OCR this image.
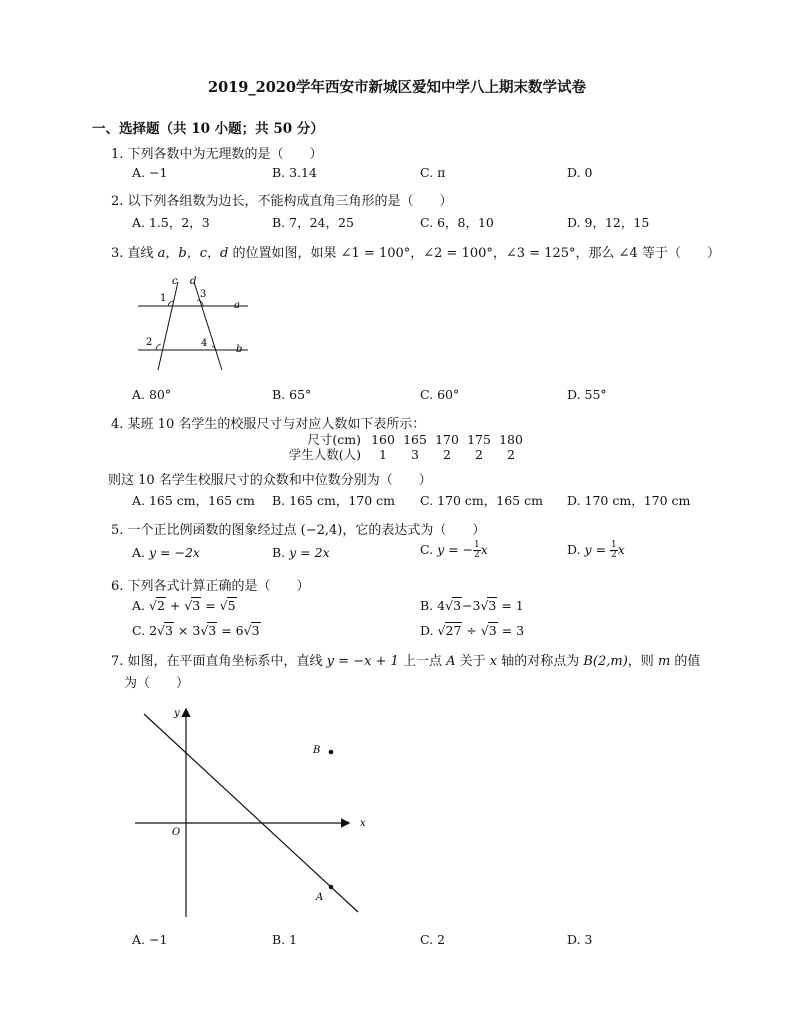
2019_2020学年西安市新城区爱知中学八上期末数学试卷
一、选择题（共 10 小题；共 50 分）
1. 下列各数中为无理数的是（　　）
A. −1	B. 3.14	C. π	D. 0
2. 以下列各组数为边长，不能构成直角三角形的是（　　）
A. 1.5，2，3	B. 7，24，25	C. 6，8，10	D. 9，12，15
3. 直线 a，b，c，d 的位置如图，如果 ∠1 = 100°，∠2 = 100°，∠3 = 125°，那么 ∠4 等于（　　）
c d
a
b
1	3
2	4
A. 80°	B. 65°	C. 60°	D. 55°
4. 某班 10 名学生的校服尺寸与对应人数如下表所示：
尺寸(cm) 160 165 170 175 180
学生人数(人)	1	3	2	2	2
则这 10 名学生校服尺寸的众数和中位数分别为（　　）
A. 165 cm，165 cm B. 165 cm，170 cm C. 170 cm，165 cm D. 170 cm，170 cm
5. 一个正比例函数的图象经过点 (−2,4)，它的表达式为（　　）
A. y = −2x	B. y = 2x	C. y = − $\frac{1}{2}$ x	D. $y = \frac{1}{2}$ x
6. 下列各式计算正确的是（　　）
A. √2 + √3 = √5	B. 4√3−3√3 = 1
C. 2√3 × 3√3 = 6√3	D. √27 ÷ √3 = 3
7. 如图，在平面直角坐标系中，直线 y = −x + 1 上一点 A 关于 x 轴的对称点为 B(2,m)，则 m 的值
为（　　）
y
x
O
B
A
A. −1	B. 1	C. 2	D. 3
